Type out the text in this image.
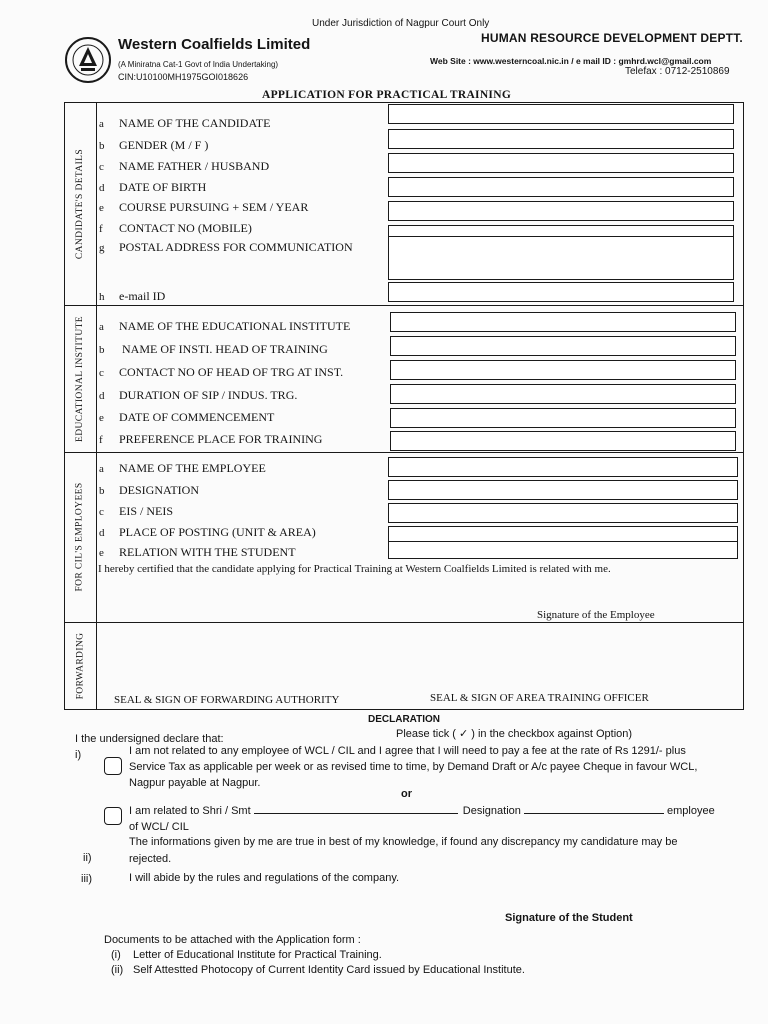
Under Jurisdiction of Nagpur Court Only
Western Coalfields Limited
(A Miniratna Cat-1 Govt of India Undertaking)
CIN:U10100MH1975GOI018626
HUMAN RESOURCE DEVELOPMENT DEPTT.
Web Site : www.westerncoal.nic.in / e mail ID : gmhrd.wcl@gmail.com
Telefax : 0712-2510869
APPLICATION FOR PRACTICAL TRAINING
CANDIDATE'S DETAILS
EDUCATIONAL INSTITUTE
FOR CIL'S EMPLOYEES
FORWARDING
a NAME OF THE CANDIDATE
b GENDER (M / F )
c NAME FATHER / HUSBAND
d DATE OF BIRTH
e COURSE PURSUING + SEM / YEAR
f CONTACT NO (MOBILE)
g POSTAL ADDRESS FOR COMMUNICATION
h e-mail ID
a NAME OF THE EDUCATIONAL INSTITUTE
b NAME OF INSTI. HEAD OF TRAINING
c CONTACT NO OF HEAD OF TRG AT INST.
d DURATION OF SIP / INDUS. TRG.
e DATE OF COMMENCEMENT
f PREFERENCE PLACE FOR TRAINING
a NAME OF THE EMPLOYEE
b DESIGNATION
c EIS / NEIS
d PLACE OF POSTING (UNIT & AREA)
e RELATION WITH THE STUDENT
I hereby certified that the candidate applying for Practical Training at Western Coalfields Limited is related with me.
Signature of the Employee
SEAL & SIGN OF FORWARDING AUTHORITY	SEAL & SIGN OF AREA TRAINING OFFICER
DECLARATION
Please tick ( ✓ ) in the checkbox against Option)
I the undersigned declare that:
i)	I am not related to any employee of WCL / CIL and I agree that I will need to pay a fee at the rate of Rs 1291/- plus
Service Tax as applicable per week or as revised time to time, by Demand Draft or A/c payee Cheque in favour WCL,
Nagpur payable at Nagpur.
or
I am related to Shri / Smt	Designation	employee
of WCL/ CIL
The informations given by me are true in best of my knowledge, if found any discrepancy my candidature may be
ii)	rejected.
iii)	I will abide by the rules and regulations of the company.
Signature of the Student
Documents to be attached with the Application form :
(i) Letter of Educational Institute for Practical Training.
(ii) Self Attestted Photocopy of Current Identity Card issued by Educational Institute.
